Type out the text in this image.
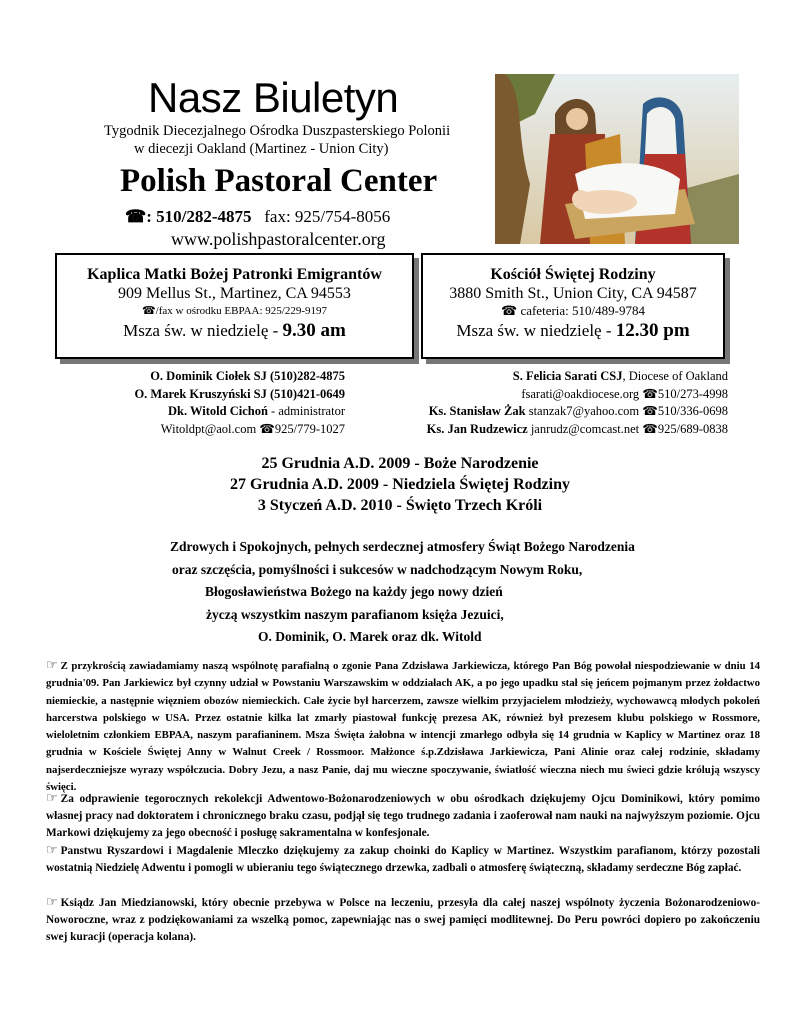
Nasz Biuletyn
Tygodnik Diecezjalnego Ośrodka Duszpasterskiego Polonii
w diecezji Oakland (Martinez - Union City)
Polish Pastoral Center
☎: 510/282-4875 fax: 925/754-8056
www.polishpastoralcenter.org
Kaplica Matki Bożej Patronki Emigrantów
909 Mellus St., Martinez, CA 94553
☎/fax w ośrodku EBPAA: 925/229-9197
Msza św. w niedzielę - 9.30 am
Kościół Świętej Rodziny
3880 Smith St., Union City, CA 94587
☎ cafeteria: 510/489-9784
Msza św. w niedzielę - 12.30 pm
O. Dominik Ciołek SJ (510)282-4875
O. Marek Kruszyński SJ (510)421-0649
Dk. Witold Cichoń - administrator
Witoldpt@aol.com ☎925/779-1027
S. Felicia Sarati CSJ, Diocese of Oakland
fsarati@oakdiocese.org ☎510/273-4998
Ks. Stanisław Żak stanzak7@yahoo.com ☎510/336-0698
Ks. Jan Rudzewicz janrudz@comcast.net ☎925/689-0838
25 Grudnia A.D. 2009 - Boże Narodzenie
27 Grudnia A.D. 2009 - Niedziela Świętej Rodziny
3 Styczeń A.D. 2010 - Święto Trzech Króli
Zdrowych i Spokojnych, pełnych serdecznej atmosfery Świąt Bożego Narodzenia
oraz szczęścia, pomyślności i sukcesów w nadchodzącym Nowym Roku,
Błogosławieństwa Bożego na każdy jego nowy dzień
życzą wszystkim naszym parafianom księża Jezuici,
O. Dominik, O. Marek oraz dk. Witold
☞ Z przykrością zawiadamiamy naszą wspólnotę parafialną o zgonie Pana Zdzisława Jarkiewicza, którego Pan Bóg powołał niespodziewanie w dniu 14 grudnia'09. Pan Jarkiewicz był czynny udział w Powstaniu Warszawskim w oddziałach AK, a po jego upadku stał się jeńcem pojmanym przez żołdactwo niemieckie, a następnie więzniem obozów niemieckich. Całe życie był harcerzem, zawsze wielkim przyjacielem młodzieży, wychowawcą młodych pokoleń harcerstwa polskiego w USA. Przez ostatnie kilka lat zmarły piastował funkcję prezesa AK, również był prezesem klubu polskiego w Rossmore, wieloletnim członkiem EBPAA, naszym parafianinem. Msza Święta żałobna w intencji zmarłego odbyła się 14 grudnia w Kaplicy w Martinez oraz 18 grudnia w Kościele Świętej Anny w Walnut Creek / Rossmoor. Małżonce ś.p.Zdzisława Jarkiewicza, Pani Alinie oraz całej rodzinie, składamy najserdeczniejsze wyrazy współczucia. Dobry Jezu, a nasz Panie, daj mu wieczne spoczywanie, światłość wieczna niech mu świeci gdzie królują wszyscy święci.
☞ Za odprawienie tegorocznych rekolekcji Adwentowo-Bożonarodzeniowych w obu ośrodkach dziękujemy Ojcu Dominikowi, który pomimo własnej pracy nad doktoratem i chronicznego braku czasu, podjął się tego trudnego zadania i zaoferował nam nauki na najwyższym poziomie. Ojcu Markowi dziękujemy za jego obecność i posługę sakramentalna w konfesjonale.
☞ Panstwu Ryszardowi i Magdalenie Mleczko dziękujemy za zakup choinki do Kaplicy w Martinez. Wszystkim parafianom, którzy pozostali wostatnią Niedzielę Adwentu i pomogli w ubieraniu tego świątecznego drzewka, zadbali o atmosferę świąteczną, składamy serdeczne Bóg zapłać.
☞ Ksiądz Jan Miedzianowski, który obecnie przebywa w Polsce na leczeniu, przesyła dla całej naszej wspólnoty życzenia Bożonarodzeniowo-Noworoczne, wraz z podziękowaniami za wszelką pomoc, zapewniając nas o swej pamięci modlitewnej. Do Peru powróci dopiero po zakończeniu swej kuracji (operacja kolana).
